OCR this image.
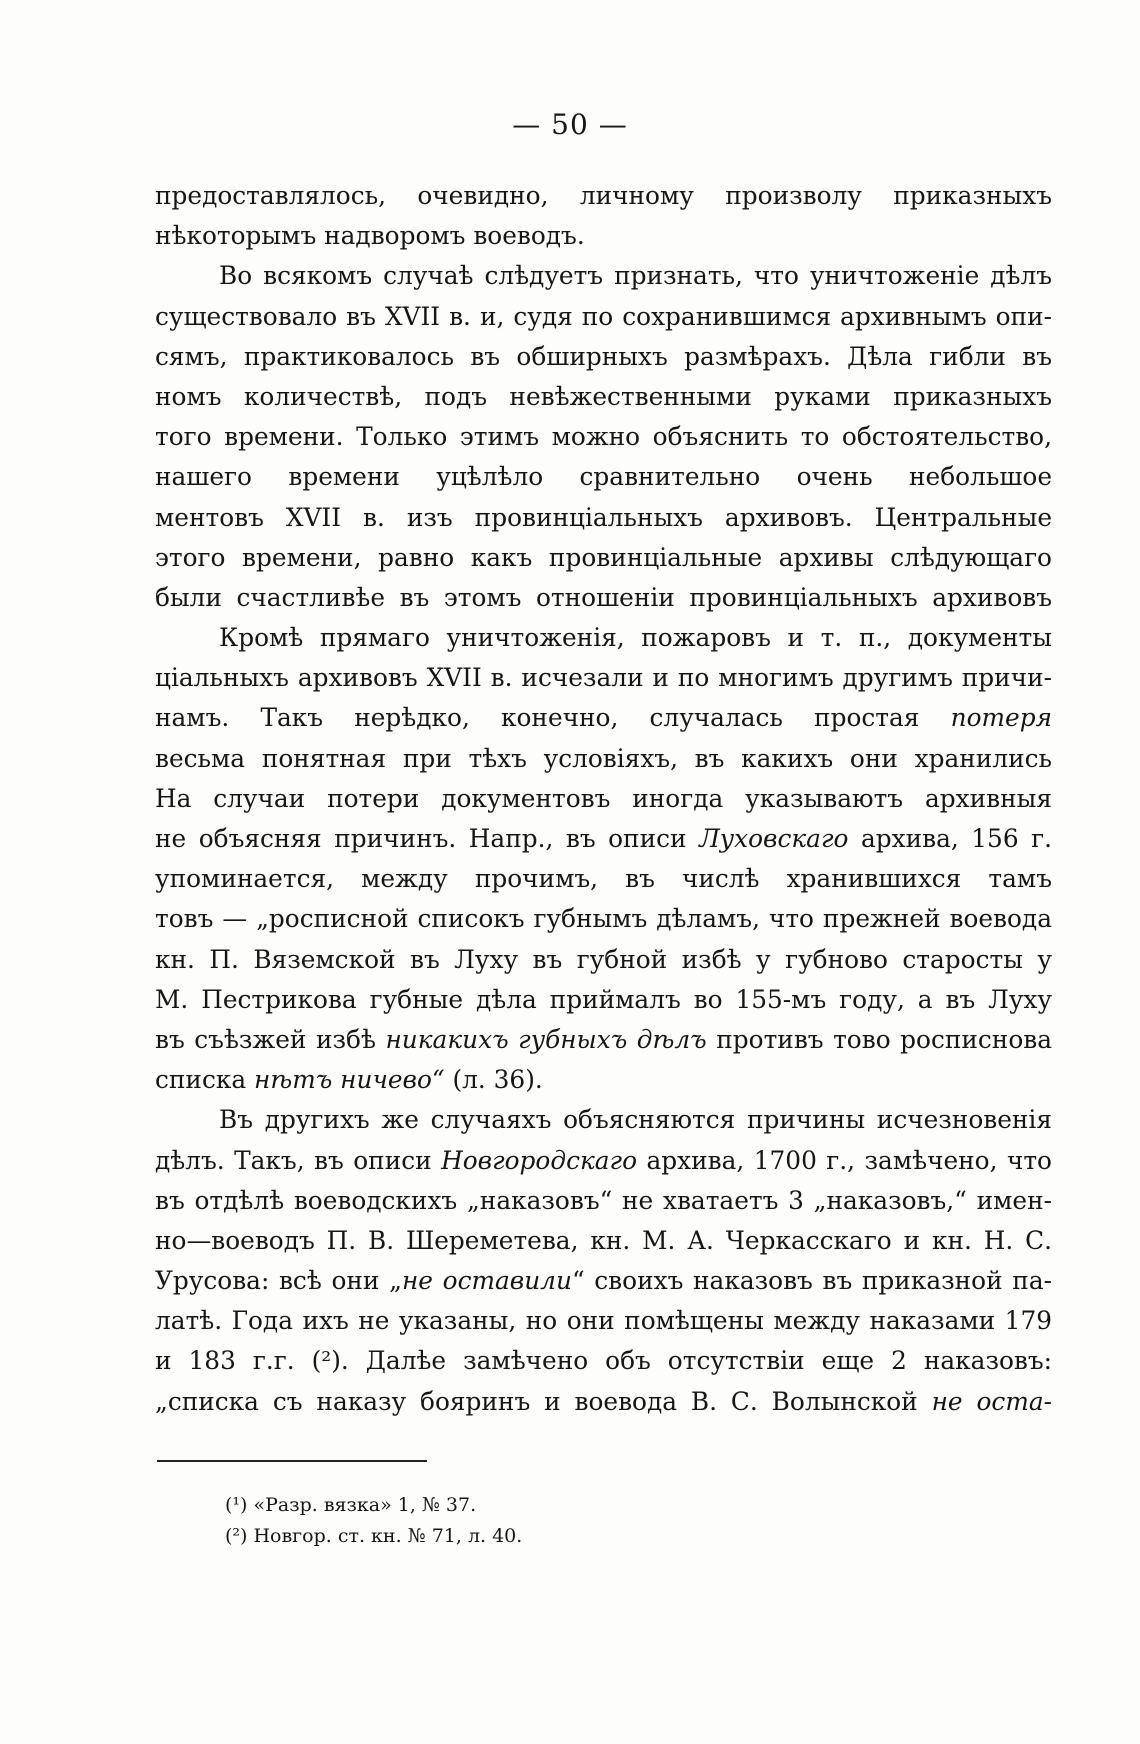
— 50 —
предоставлялось, очевидно, личному произволу приказныхъ
нѣкоторымъ надворомъ воеводъ.
Во всякомъ случаѣ слѣдуетъ признать, что уничтоженіе дѣлъ
существовало въ XVII в. и, судя по сохранившимся архивнымъ опи-
сямъ, практиковалось въ обширныхъ размѣрахъ. Дѣла гибли въ
номъ количествѣ, подъ невѣжественными руками приказныхъ
того времени. Только этимъ можно объяснить то обстоятельство,
нашего времени уцѣлѣло сравнительно очень небольшое
ментовъ XVII в. изъ провинціальныхъ архивовъ. Центральные
этого времени, равно какъ провинціальные архивы слѣдующаго
были счастливѣе въ этомъ отношеніи провинціальныхъ архивовъ
Кромѣ прямаго уничтоженія, пожаровъ и т. п., документы
ціальныхъ архивовъ XVII в. исчезали и по многимъ другимъ причи-
намъ. Такъ нерѣдко, конечно, случалась простая потеря
весьма понятная при тѣхъ условіяхъ, въ какихъ они хранились
На случаи потери документовъ иногда указываютъ архивныя
не объясняя причинъ. Напр., въ описи Луховскаго архива, 156 г.
упоминается, между прочимъ, въ числѣ хранившихся тамъ
товъ — „росписной списокъ губнымъ дѣламъ, что прежней воевода
кн. П. Вяземской въ Луху въ губной избѣ у губново старосты у
М. Пестрикова губные дѣла приймалъ во 155-мъ году, а въ Луху
въ съѣзжей избѣ никакихъ губныхъ дѣлъ противъ тово росписнова
списка нѣтъ ничево“ (л. 36).
Въ другихъ же случаяхъ объясняются причины исчезновенія
дѣлъ. Такъ, въ описи Новгородскаго архива, 1700 г., замѣчено, что
въ отдѣлѣ воеводскихъ „наказовъ“ не хватаетъ 3 „наказовъ,“ имен-
но—воеводъ П. В. Шереметева, кн. М. А. Черкасскаго и кн. Н. С.
Урусова: всѣ они „не оставили“ своихъ наказовъ въ приказной па-
латѣ. Года ихъ не указаны, но они помѣщены между наказами 179
и 183 г.г. (²). Далѣе замѣчено объ отсутствіи еще 2 наказовъ:
„списка съ наказу бояринъ и воевода В. С. Волынской не оста-
(¹) «Разр. вязка» 1, № 37.
(²) Новгор. ст. кн. № 71, л. 40.
